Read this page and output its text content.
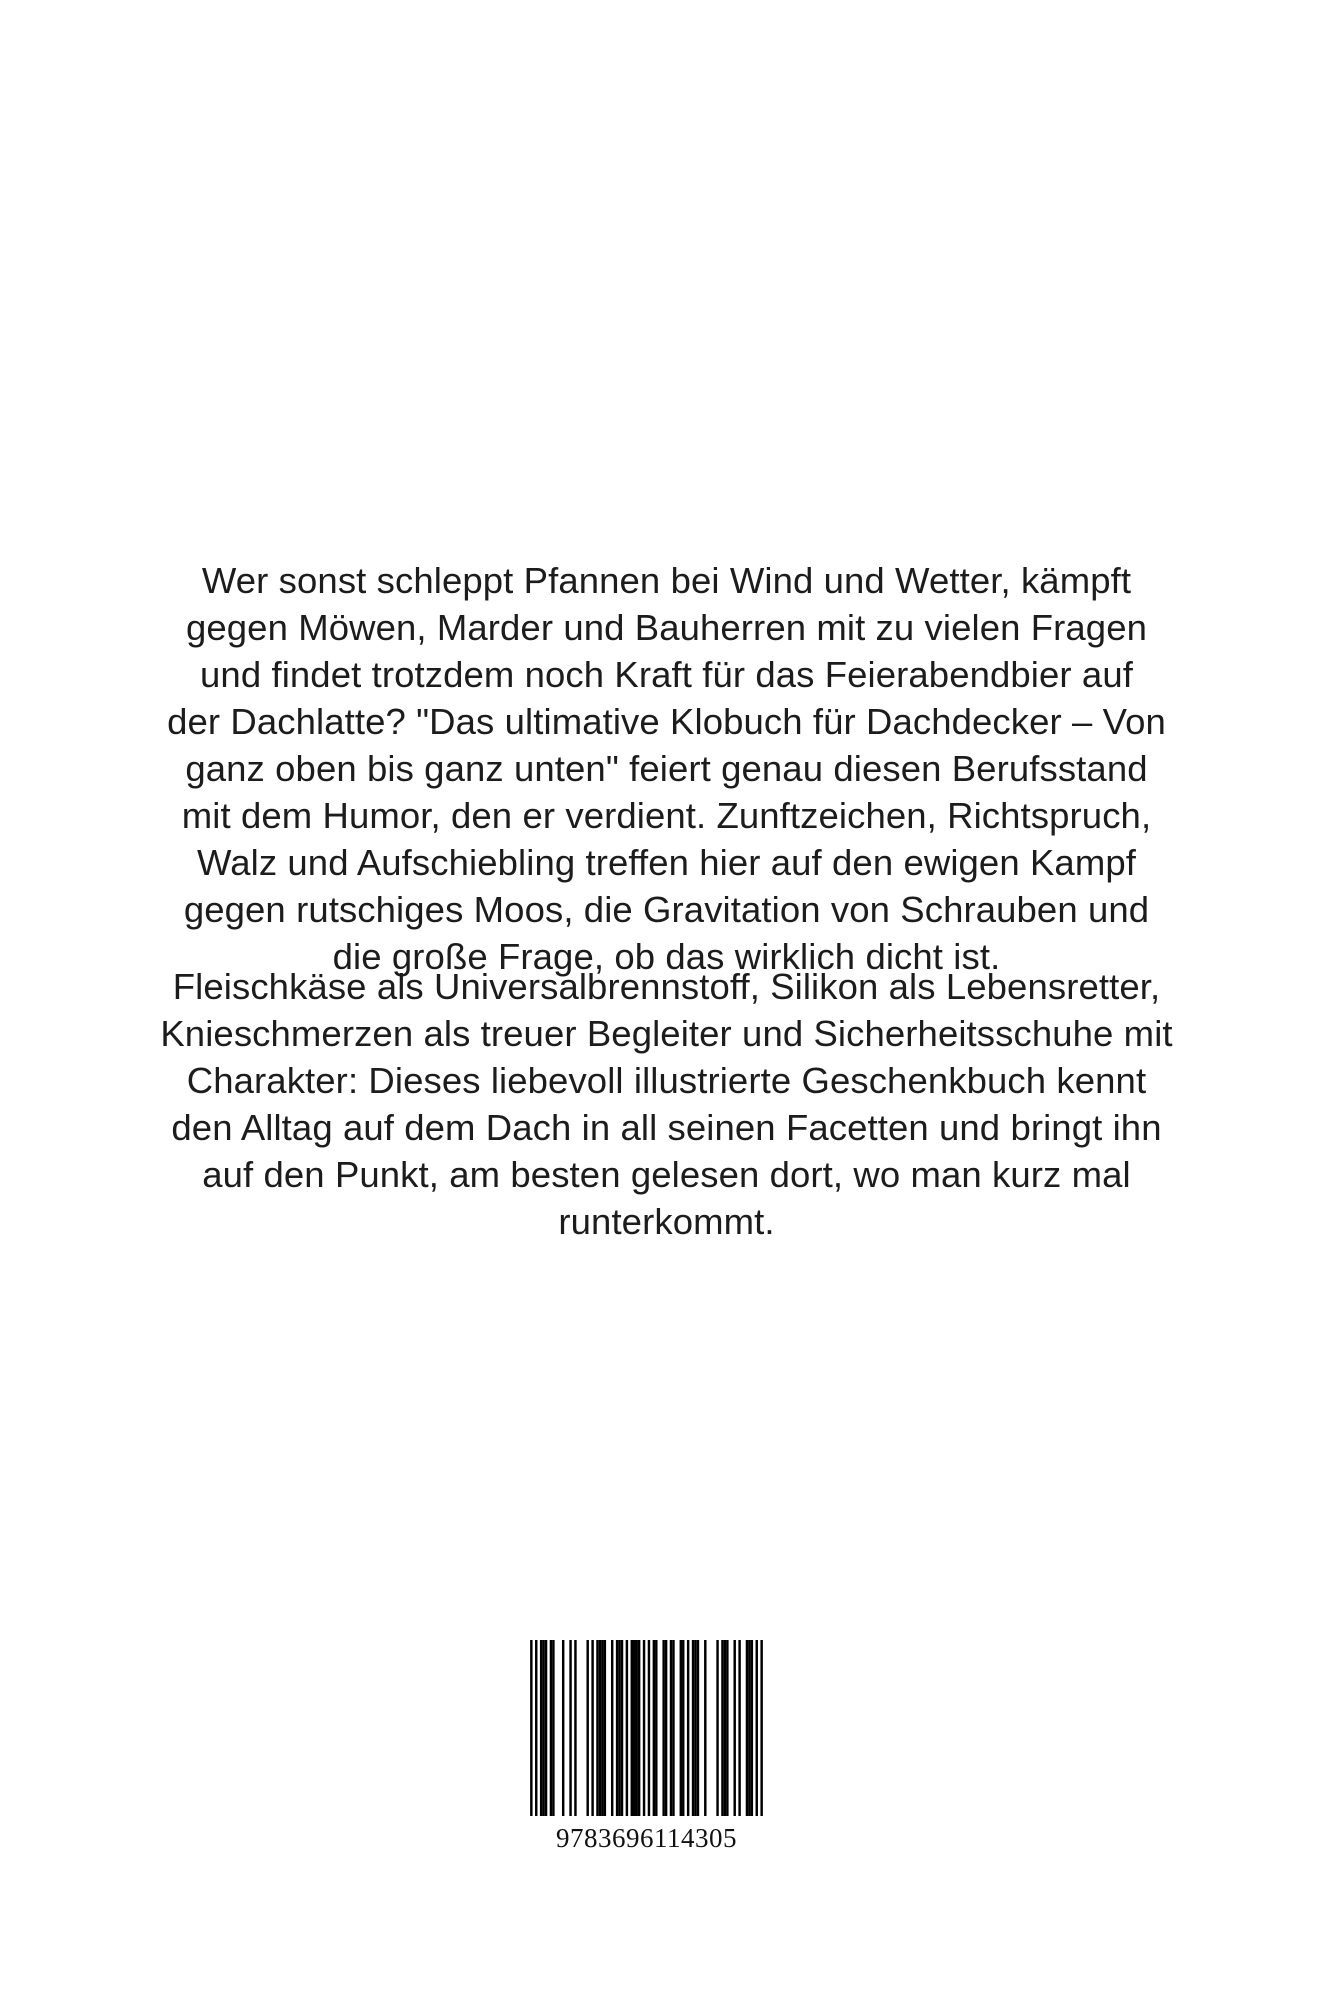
Wer sonst schleppt Pfannen bei Wind und Wetter, kämpft
gegen Möwen, Marder und Bauherren mit zu vielen Fragen
und findet trotzdem noch Kraft für das Feierabendbier auf
der Dachlatte? "Das ultimative Klobuch für Dachdecker – Von
ganz oben bis ganz unten" feiert genau diesen Berufsstand
mit dem Humor, den er verdient. Zunftzeichen, Richtspruch,
Walz und Aufschiebling treffen hier auf den ewigen Kampf
gegen rutschiges Moos, die Gravitation von Schrauben und
die große Frage, ob das wirklich dicht ist.
Fleischkäse als Universalbrennstoff, Silikon als Lebensretter,
Knieschmerzen als treuer Begleiter und Sicherheitsschuhe mit
Charakter: Dieses liebevoll illustrierte Geschenkbuch kennt
den Alltag auf dem Dach in all seinen Facetten und bringt ihn
auf den Punkt, am besten gelesen dort, wo man kurz mal
runterkommt.
9783696114305
